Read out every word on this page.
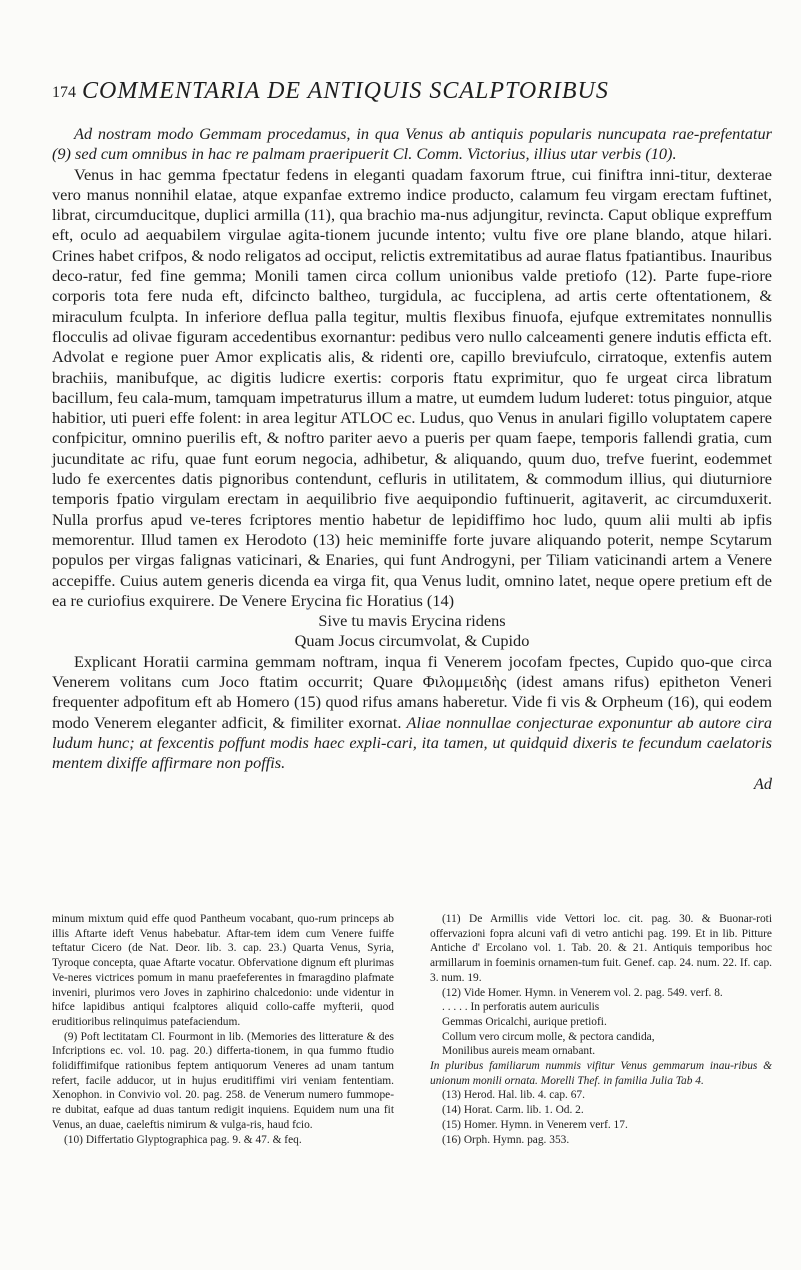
174 COMMENTARIA DE ANTIQUIS SCALPTORIBUS

Ad nostram modo Gemmam procedamus, in qua Venus ab antiquis popularis nuncupata rae-prefentatur (9) sed cum omnibus in hac re palmam praeripuerit Cl. Comm. Victorius, illius utar verbis (10).

Venus in hac gemma fpectatur fedens in eleganti quadam faxorum ftrue, cui finiftra inni-titur, dexterae vero manus nonnihil elatae, atque expanfae extremo indice producto, calamum feu virgam erectam fuftinet, librat, circumducitque, duplici armilla (11), qua brachio ma-nus adjungitur, revincta. Caput oblique expreffum eft, oculo ad aequabilem virgulae agita-tionem jucunde intento; vultu five ore plane blando, atque hilari. Crines habet crifpos, & nodo religatos ad occiput, relictis extremitatibus ad aurae flatus fpatiantibus. Inauribus deco-ratur, fed fine gemma; Monili tamen circa collum unionibus valde pretiofo (12). Parte fupe-riore corporis tota fere nuda eft, difcincto baltheo, turgidula, ac fucciplena, ad artis certe oftentationem, & miraculum fculpta. In inferiore deflua palla tegitur, multis flexibus finuofa, ejufque extremitates nonnullis flocculis ad olivae figuram accedentibus exornantur: pedibus vero nullo calceamenti genere indutis effictа eft. Advolat e regione puer Amor explicatis alis, & ridenti ore, capillo breviufculo, cirratoque, extenfis autem brachiis, manibufque, ac digitis ludicre exertis: corporis ftatu exprimitur, quo fe urgeat circa libratum bacillum, feu cala-mum, tamquam impetraturus illum a matre, ut eumdem ludum luderet: totus pinguior, atque habitior, uti pueri effe folent: in area legitur ATLOC ec. Ludus, quo Venus in anulari figillo voluptatem capere confpicitur, omnino puerilis eft, & noftro pariter aevo a pueris per quam faepe, temporis fallendi gratia, cum jucunditate ac rifu, quae funt eorum negocia, adhibetur, & aliquando, quum duo, trefve fuerint, eodemmet ludo fe exercentes datis pignoribus contendunt, cefluris in utilitatem, & commodum illius, qui diuturniore temporis fpatio virgulam erectam in aequilibrio five aequipondio fuftinuerit, agitaverit, ac circumduxerit. Nulla prorfus apud ve-teres fcriptores mentio habetur de lepidiffimo hoc ludo, quum alii multi ab ipfis memorentur. Illud tamen ex Herodoto (13) heic meminiffe forte juvare aliquando poterit, nempe Scytarum populos per virgas falignas vaticinari, & Enaries, qui funt Androgyni, per Tiliam vaticinandi artem a Venere accepiffe. Cuius autem generis dicenda ea virga fit, qua Venus ludit, omnino latet, neque opere pretium eft de ea re curiofius exquirere. De Venere Erycina fic Horatius (14)

Sive tu mavis Erycina ridens

Quam Jocus circumvolat, & Cupido

Explicant Horatii carmina gemmam noftram, inqua fi Venerem jocofam fpectes, Cupido quo-que circa Venerem volitans cum Joco ftatim occurrit; Quare Φιλομμειδὴς (idest amans rifus) epitheton Veneri frequenter adpofitum eft ab Homero (15) quod rifus amans haberetur. Vide fi vis & Orpheum (16), qui eodem modo Venerem eleganter adficit, & fimiliter exornat. Aliae nonnullae conjecturae exponuntur ab autore cira ludum hunc; at fexcentis poffunt modis haec expli-cari, ita tamen, ut quidquid dixeris te fecundum caelatoris mentem dixiffe affirmare non poffis.

Ad

minum mixtum quid effe quod Pantheum vocabant, quo-rum princeps ab illis Aftarte ideft Venus habebatur. Aftar-tem idem cum Venere fuiffe teftatur Cicero (de Nat. Deor. lib. 3. cap. 23.) Quarta Venus, Syria, Tyroque concepta, quae Aftarte vocatur. Obfervatione dignum eft plurimas Ve-neres victrices pomum in manu praefeferentes in fmaragdino plafmate inveniri, plurimos vero Joves in zaphirino chalcedonio: unde videntur in hifce lapidibus antiqui fcalptores aliquid collo-caffe myfterii, quod eruditioribus relinquimus patefaciendum.

(9) Poft lectitatam Cl. Fourmont in lib. (Memories des litterature & des Infcriptions ec. vol. 10. pag. 20.) differta-tionem, in qua fummo ftudio folidiffimifque rationibus feptem antiquorum Veneres ad unam tantum refert, facile adducor, ut in hujus eruditiffimi viri veniam fententiam. Xenophon. in Convivio vol. 20. pag. 258. de Venerum numero fummope-re dubitat, eafque ad duas tantum redigit inquiens. Equidem num una fit Venus, an duae, caeleftis nimirum & vulga-ris, haud fcio.

(10) Differtatio Glyptographica pag. 9. & 47. & feq.

(11) De Armillis vide Vettori loc. cit. pag. 30. & Buonar-roti offervazioni fopra alcuni vafi di vetro antichi pag. 199. Et in lib. Pitture Antiche d' Ercolano vol. 1. Tab. 20. & 21. Antiquis temporibus hoc armillarum in foeminis ornamen-tum fuit. Genef. cap. 24. num. 22. If. cap. 3. num. 19.

(12) Vide Homer. Hymn. in Venerem vol. 2. pag. 549. verf. 8.

. . . . . In perforatis autem auriculis

Gemmas Oricalchi, aurique pretiofi.

Collum vero circum molle, & pectora candida,

Monilibus aureis meam ornabant.

In pluribus familiarum nummis vifitur Venus gemmarum inau-ribus & unionum monili ornata. Morelli Thef. in familia Julia Tab 4.

(13) Herod. Hal. lib. 4. cap. 67.

(14) Horat. Carm. lib. 1. Od. 2.

(15) Homer. Hymn. in Venerem verf. 17.

(16) Orph. Hymn. pag. 353.
